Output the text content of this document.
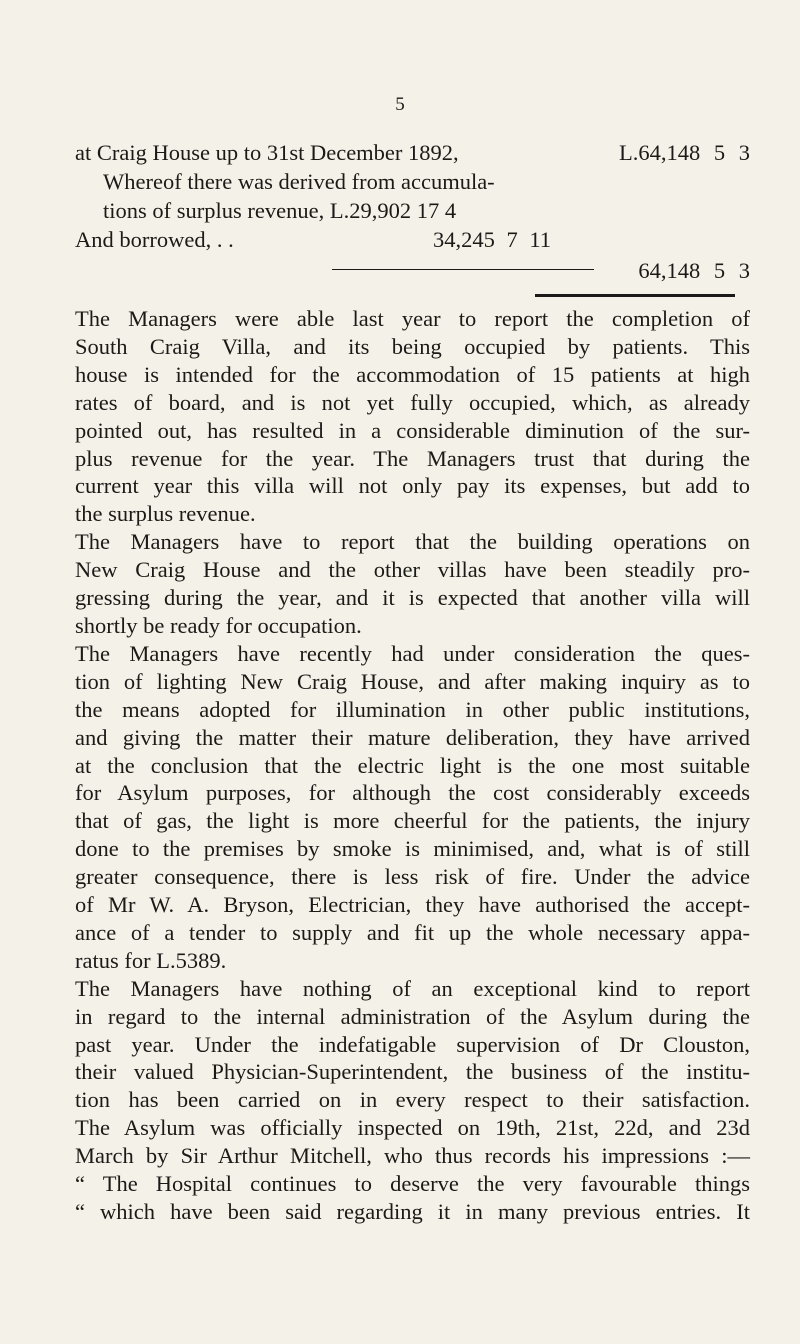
5
at Craig House up to 31st December 1892,	L.64,148 5 3
Whereof there was derived from accumula-
tions of surplus revenue, L.29,902 17 4
And borrowed, . .	34,245 7 11
64,148 5 3

The Managers were able last year to report the completion of

South Craig Villa, and its being occupied by patients. This

house is intended for the accommodation of 15 patients at high

rates of board, and is not yet fully occupied, which, as already

pointed out, has resulted in a considerable diminution of the sur-

plus revenue for the year. The Managers trust that during the

current year this villa will not only pay its expenses, but add to

the surplus revenue.

The Managers have to report that the building operations on

New Craig House and the other villas have been steadily pro-

gressing during the year, and it is expected that another villa will

shortly be ready for occupation.

The Managers have recently had under consideration the ques-

tion of lighting New Craig House, and after making inquiry as to

the means adopted for illumination in other public institutions,

and giving the matter their mature deliberation, they have arrived

at the conclusion that the electric light is the one most suitable

for Asylum purposes, for although the cost considerably exceeds

that of gas, the light is more cheerful for the patients, the injury

done to the premises by smoke is minimised, and, what is of still

greater consequence, there is less risk of fire. Under the advice

of Mr W. A. Bryson, Electrician, they have authorised the accept-

ance of a tender to supply and fit up the whole necessary appa-

ratus for L.5389.

The Managers have nothing of an exceptional kind to report

in regard to the internal administration of the Asylum during the

past year. Under the indefatigable supervision of Dr Clouston,

their valued Physician-Superintendent, the business of the institu-

tion has been carried on in every respect to their satisfaction.

The Asylum was officially inspected on 19th, 21st, 22d, and 23d

March by Sir Arthur Mitchell, who thus records his impressions :—

“ The Hospital continues to deserve the very favourable things

“ which have been said regarding it in many previous entries. It
